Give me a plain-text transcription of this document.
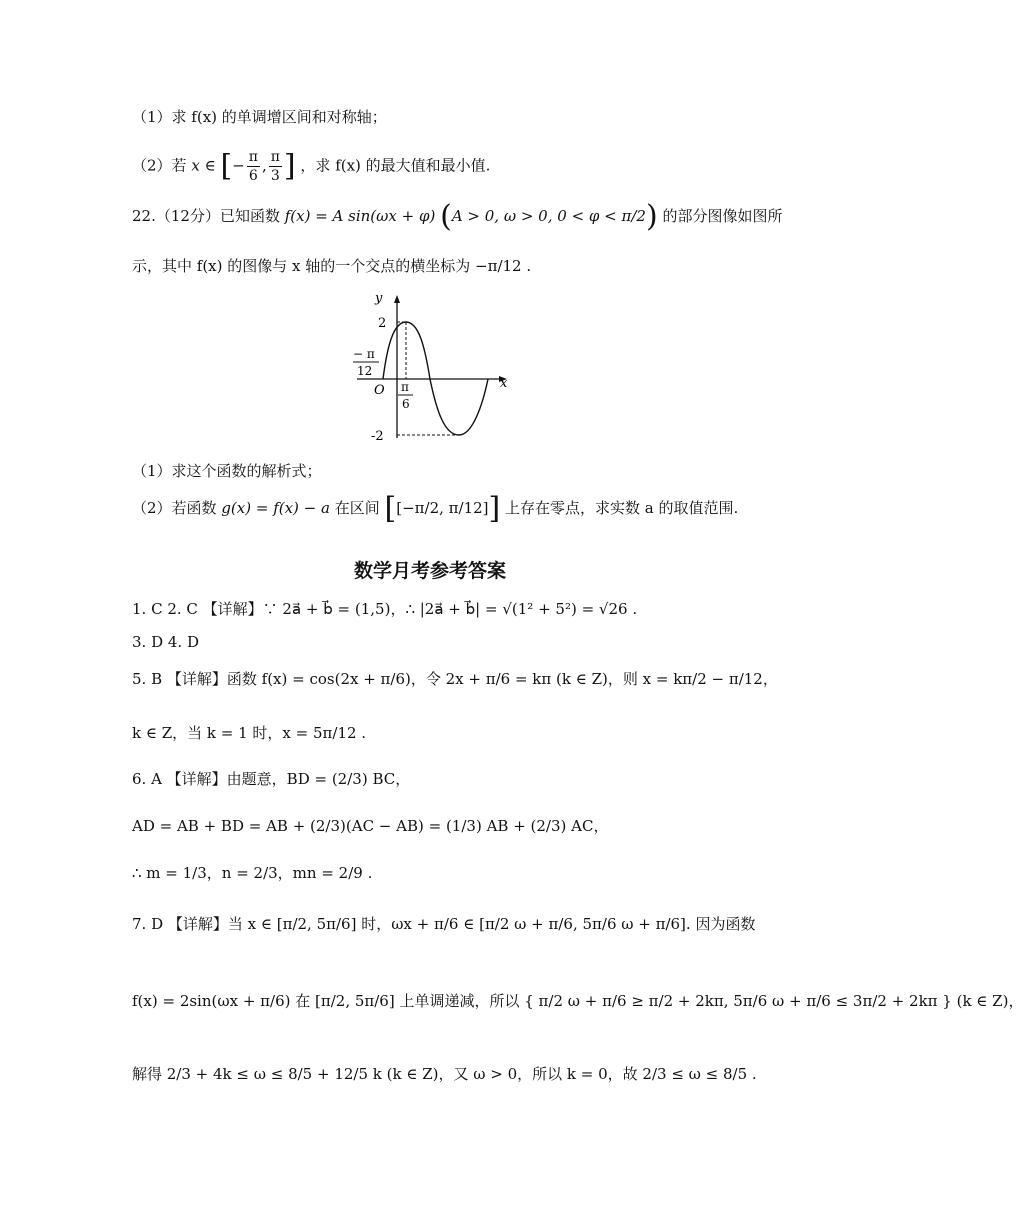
（1）求 f(x) 的单调增区间和对称轴；
（2）若 x ∈ [− $\frac{\pi}{6}$ , $\frac{\pi}{3}$ ] ，求 f(x) 的最大值和最小值.
22.（12分）已知函数 f(x) = A sin(ωx + φ) (A > 0, ω > 0, 0 < φ < π/2) 的部分图像如图所
示，其中 f(x) 的图像与 x 轴的一个交点的横坐标为 −π/12 .
y
x
O
2
-2
− π
12
π
6
（1）求这个函数的解析式；
（2）若函数 g(x) = f(x) − a 在区间 [[−π/2, π/12]] 上存在零点，求实数 a 的取值范围.
数学月考参考答案
1. C 2. C 【详解】∵ 2a⃗ + b⃗ = (1,5)，∴ |2a⃗ + b⃗| = √(1² + 5²) = √26 .
3. D 4. D
5. B 【详解】函数 f(x) = cos(2x + π/6)，令 2x + π/6 = kπ (k ∈ Z)，则 x = kπ/2 − π/12，
k ∈ Z，当 k = 1 时，x = 5π/12 .
6. A 【详解】由题意，BD = (2/3) BC，
AD = AB + BD = AB + (2/3)(AC − AB) = (1/3) AB + (2/3) AC，
∴ m = 1/3，n = 2/3，mn = 2/9 .
7. D 【详解】当 x ∈ [π/2, 5π/6] 时，ωx + π/6 ∈ [π/2 ω + π/6, 5π/6 ω + π/6]. 因为函数
f(x) = 2sin(ωx + π/6) 在 [π/2, 5π/6] 上单调递减，所以 { π/2 ω + π/6 ≥ π/2 + 2kπ, 5π/6 ω + π/6 ≤ 3π/2 + 2kπ } (k ∈ Z)，
解得 2/3 + 4k ≤ ω ≤ 8/5 + 12/5 k (k ∈ Z)，又 ω > 0，所以 k = 0，故 2/3 ≤ ω ≤ 8/5 .
